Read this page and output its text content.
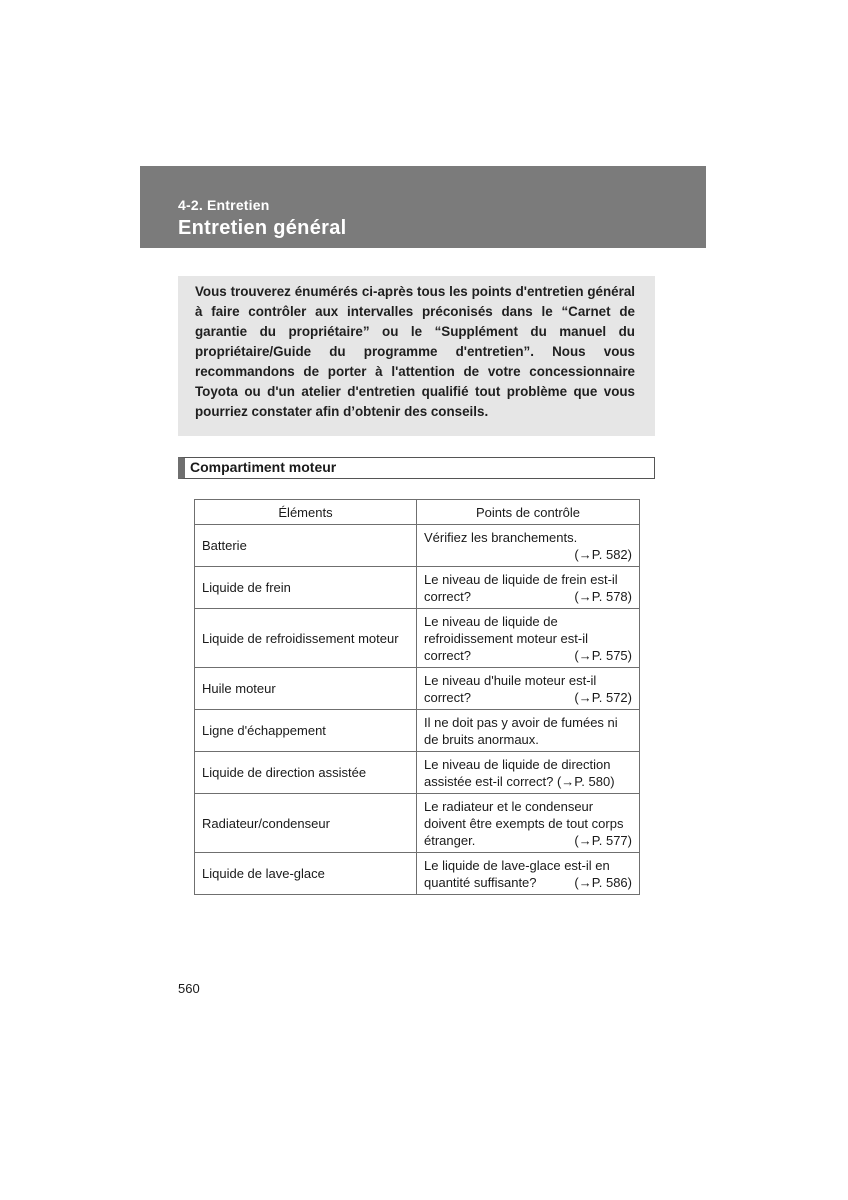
4-2. Entretien
Entretien général

Vous trouverez énumérés ci-après tous les points d'entretien général à faire contrôler aux intervalles préconisés dans le “Carnet de garantie du propriétaire” ou le “Supplément du manuel du propriétaire/Guide du programme d'entretien”. Nous vous recommandons de porter à l'attention de votre concessionnaire Toyota ou d'un atelier d'entretien qualifié tout problème que vous pourriez constater afin d’obtenir des conseils.

Compartiment moteur
Éléments	Points de contrôle
Batterie	Vérifiez les branchements.

(→P. 582)

Liquide de frein	Le niveau de liquide de frein est-il correct? (→P. 578)

Liquide de refroidissement moteur	Le niveau de liquide de refroidissement moteur est-il correct? (→P. 575)

Huile moteur	Le niveau d'huile moteur est-il correct? (→P. 572)

Ligne d'échappement	Il ne doit pas y avoir de fumées ni de bruits anormaux.
Liquide de direction assistée	Le niveau de liquide de direction assistée est-il correct? (→P. 580)
Radiateur/condenseur	Le radiateur et le condenseur doivent être exempts de tout corps étranger. (→P. 577)

Liquide de lave-glace	Le liquide de lave-glace est-il en quantité suffisante? (→P. 586)
560
